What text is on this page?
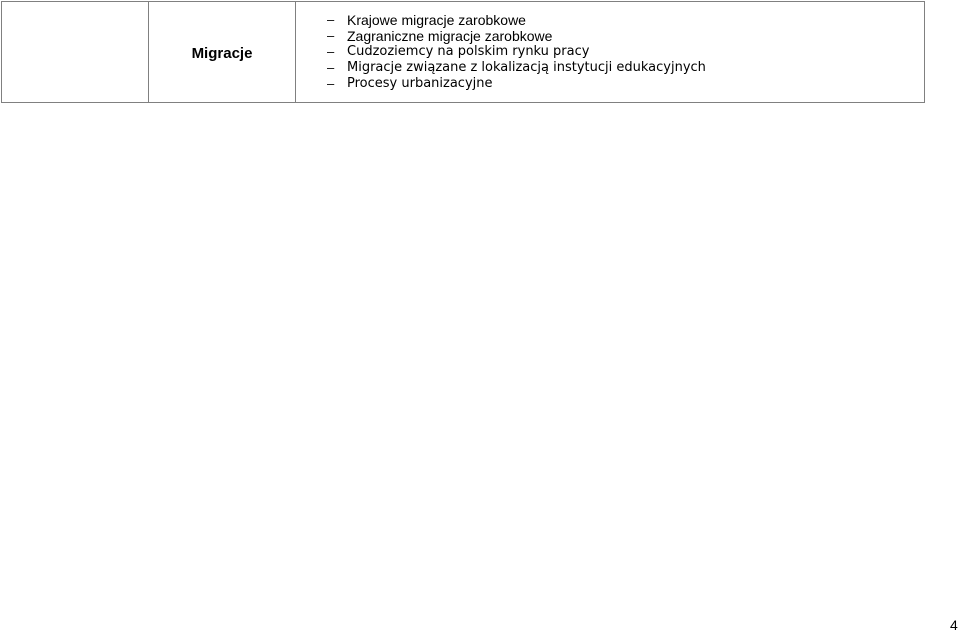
	Migracje	
– Krajowe migracje zarobkowe
– Zagraniczne migracje zarobkowe
– Cudzoziemcy na polskim rynku pracy
– Migracje związane z lokalizacją instytucji edukacyjnych
– Procesy urbanizacyjne
4
